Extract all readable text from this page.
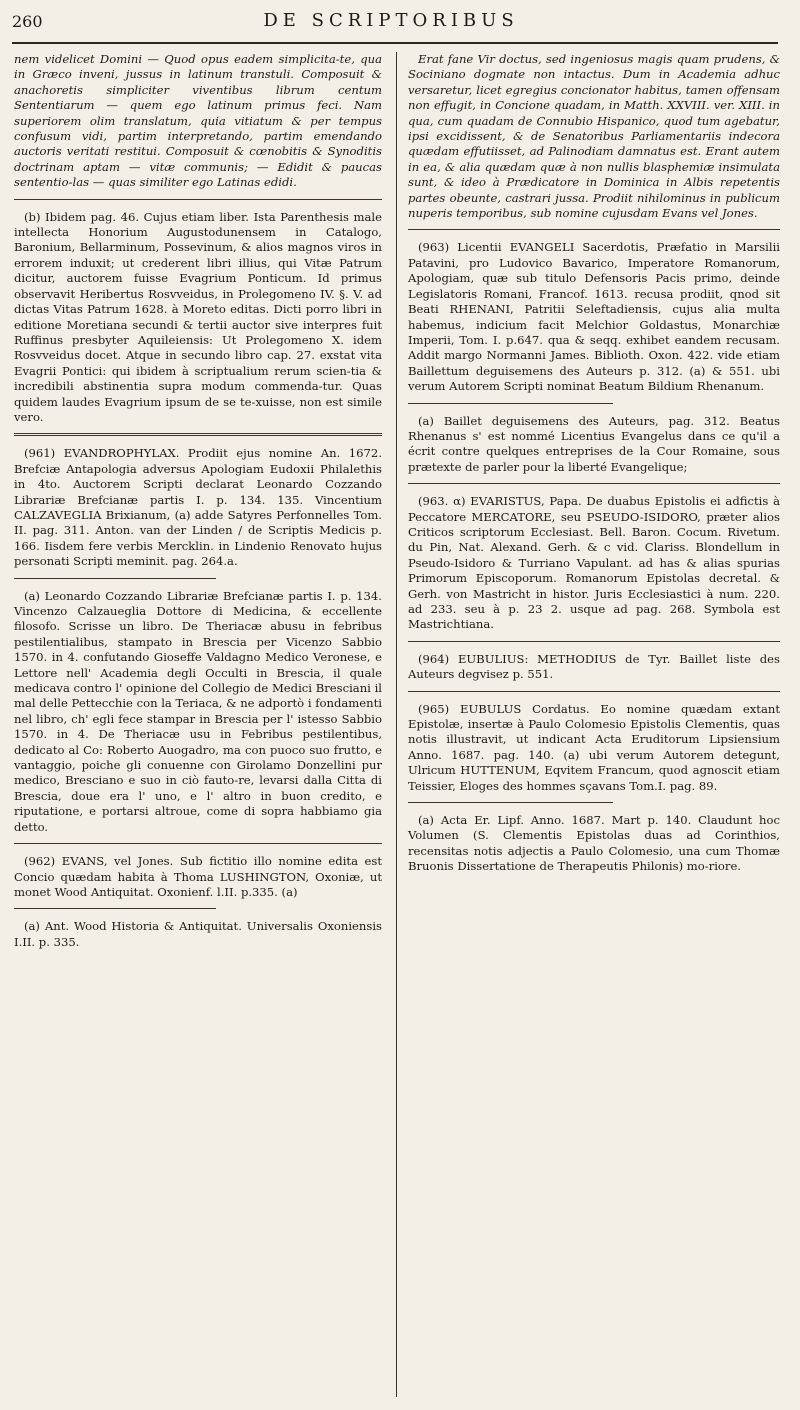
260	DE SCRIPTORIBUS

nem videlicet Domini — Quod opus eadem simplicita-te, qua in Græco inveni, jussus in latinum transtuli. Composuit & anachoretis simpliciter viventibus librum centum Sententiarum — quem ego latinum primus feci. Nam superiorem olim translatum, quia vitiatum & per tempus confusum vidi, partim interpretando, partim emendando auctoris veritati restitui. Composuit & cœnobitis & Synoditis doctrinam aptam — vitæ communis; — Edidit & paucas sententio-las — quas similiter ego Latinas edidi.

(b) Ibidem pag. 46. Cujus etiam liber. Ista Parenthesis male intellecta Honorium Augustodunensem in Catalogo, Baronium, Bellarminum, Possevinum, & alios magnos viros in errorem induxit; ut crederent libri illius, qui Vitæ Patrum dicitur, auctorem fuisse Evagrium Ponticum. Id primus observavit Heribertus Rosvveidus, in Prolegomeno IV. §. V. ad dictas Vitas Patrum 1628. à Moreto editas. Dicti porro libri in editione Moretiana secundi & tertii auctor sive interpres fuit Ruffinus presbyter Aquileiensis: Ut Prolegomeno X. idem Rosvveidus docet. Atque in secundo libro cap. 27. exstat vita Evagrii Pontici: qui ibidem à scriptualium rerum scien-tia & incredibili abstinentia supra modum commenda-tur. Quas quidem laudes Evagrium ipsum de se te-xuisse, non est simile vero.

(961) EVANDROPHYLAX. Prodiit ejus nomine An. 1672. Brefciæ Antapologia adversus Apologiam Eudoxii Philalethis in 4to. Auctorem Scripti declarat Leonardo Cozzando Librariæ Brefcianæ partis I. p. 134. 135. Vincentium CALZAVEGLIA Brixianum, (a) adde Satyres Perfonnelles Tom. II. pag. 311. Anton. van der Linden / de Scriptis Medicis p. 166. Iisdem fere verbis Mercklin. in Lindenio Renovato hujus personati Scripti meminit. pag. 264.a.

(a) Leonardo Cozzando Librariæ Brefcianæ partis I. p. 134. Vincenzo Calzaueglia Dottore di Medicina, & eccellente filosofo. Scrisse un libro. De Theriacæ abusu in febribus pestilentialibus, stampato in Brescia per Vicenzo Sabbio 1570. in 4. confutando Gioseffe Valdagno Medico Veronese, e Lettore nell' Academia degli Occulti in Brescia, il quale medicava contro l' opinione del Collegio de Medici Bresciani il mal delle Pettecchie con la Teriaca, & ne adportò i fondamenti nel libro, ch' egli fece stampar in Brescia per l' istesso Sabbio 1570. in 4. De Theriacæ usu in Febribus pestilentibus, dedicato al Co: Roberto Auogadro, ma con puoco suo frutto, e vantaggio, poiche gli conuenne con Girolamo Donzellini pur medico, Bresciano e suo in ciò fauto-re, levarsi dalla Citta di Brescia, doue era l' uno, e l' altro in buon credito, e riputatione, e portarsi altroue, come di sopra habbiamo gia detto.

(962) EVANS, vel Jones. Sub fictitio illo nomine edita est Concio quædam habita à Thoma LUSHINGTON, Oxoniæ, ut monet Wood Antiquitat. Oxonienf. l.II. p.335. (a)

(a) Ant. Wood Historia & Antiquitat. Universalis Oxoniensis I.II. p. 335.

Erat fane Vir doctus, sed ingeniosus magis quam prudens, & Sociniano dogmate non intactus. Dum in Academia adhuc versaretur, licet egregius concionator habitus, tamen offensam non effugit, in Concione quadam, in Matth. XXVIII. ver. XIII. in qua, cum quadam de Connubio Hispanico, quod tum agebatur, ipsi excidissent, & de Senatoribus Parliamentariis indecora quædam effutiisset, ad Palinodiam damnatus est. Erant autem in ea, & alia quædam quæ à non nullis blasphemiæ insimulata sunt, & ideo à Prædicatore in Dominica in Albis repetentis partes obeunte, castrari jussa. Prodiit nihilominus in publicum nuperis temporibus, sub nomine cujusdam Evans vel Jones.

(963) Licentii EVANGELI Sacerdotis, Præfatio in Marsilii Patavini, pro Ludovico Bavarico, Imperatore Romanorum, Apologiam, quæ sub titulo Defensoris Pacis primo, deinde Legislatoris Romani, Francof. 1613. recusa prodiit, qnod sit Beati RHENANI, Patritii Seleftadiensis, cujus alia multa habemus, indicium facit Melchior Goldastus, Monarchiæ Imperii, Tom. I. p.647. qua & seqq. exhibet eandem recusam. Addit margo Normanni James. Biblioth. Oxon. 422. vide etiam Baillettum deguisemens des Auteurs p. 312. (a) & 551. ubi verum Autorem Scripti nominat Beatum Bildium Rhenanum.

(a) Baillet deguisemens des Auteurs, pag. 312. Beatus Rhenanus s' est nommé Licentius Evangelus dans ce qu'il a écrit contre quelques entreprises de la Cour Romaine, sous prætexte de parler pour la liberté Evangelique;

(963. α) EVARISTUS, Papa. De duabus Epistolis ei adfictis à Peccatore MERCATORE, seu PSEUDO-ISIDORO, præter alios Criticos scriptorum Ecclesiast. Bell. Baron. Cocum. Rivetum. du Pin, Nat. Alexand. Gerh. & c vid. Clariss. Blondellum in Pseudo-Isidoro & Turriano Vapulant. ad has & alias spurias Primorum Episcoporum. Romanorum Epistolas decretal. & Gerh. von Mastricht in histor. Juris Ecclesiastici à num. 220. ad 233. seu à p. 23 2. usque ad pag. 268. Symbola est Mastrichtiana.

(964) EUBULIUS: METHODIUS de Tyr. Baillet liste des Auteurs degvisez p. 551.

(965) EUBULUS Cordatus. Eo nomine quædam extant Epistolæ, insertæ à Paulo Colomesio Epistolis Clementis, quas notis illustravit, ut indicant Acta Eruditorum Lipsiensium Anno. 1687. pag. 140. (a) ubi verum Autorem detegunt, Ulricum HUTTENUM, Eqvitem Francum, quod agnoscit etiam Teissier, Eloges des hommes sçavans Tom.I. pag. 89.

(a) Acta Er. Lipf. Anno. 1687. Mart p. 140. Claudunt hoc Volumen (S. Clementis Epistolas duas ad Corinthios, recensitas notis adjectis a Paulo Colomesio, una cum Thomæ Bruonis Dissertatione de Therapeutis Philonis) mo-riore.
